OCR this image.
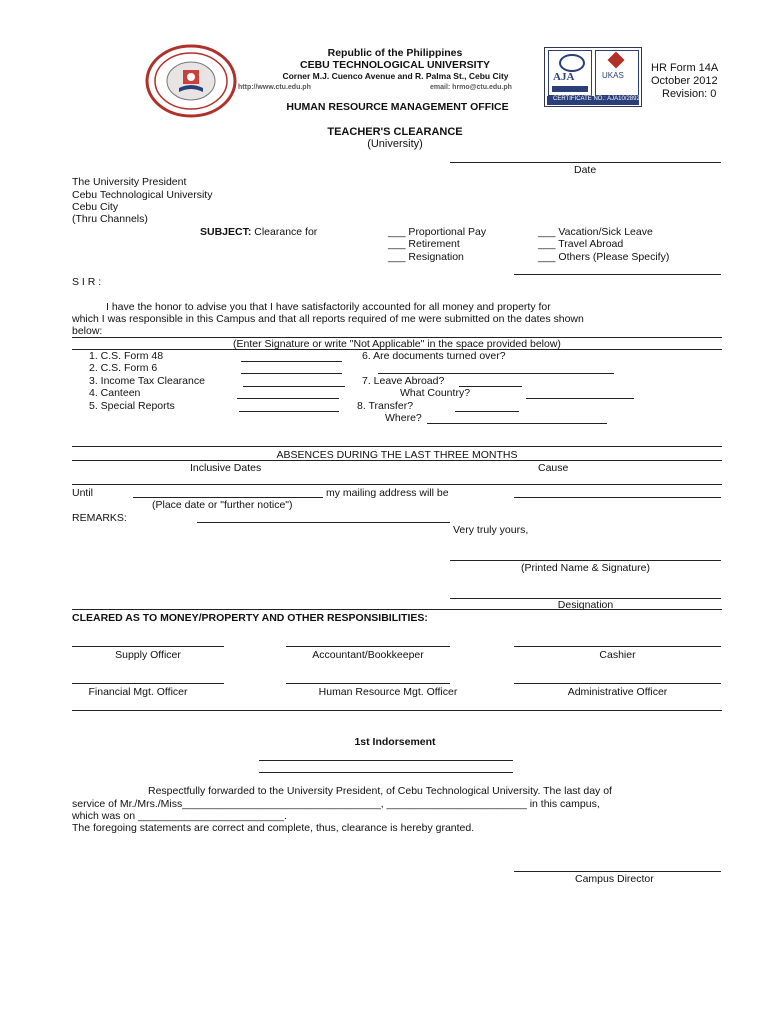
Republic of the Philippines
CEBU TECHNOLOGICAL UNIVERSITY
Corner M.J. Cuenco Avenue and R. Palma St., Cebu City
http://www.ctu.edu.ph	email: hrmo@ctu.edu.ph
HUMAN RESOURCE MANAGEMENT OFFICE
AJA	UKAS
CERTIFICATE NO.: AJA10/2892
HR Form 14A
October 2012
Revision: 0
TEACHER'S CLEARANCE
(University)
Date
The University President
Cebu Technological University
Cebu City
(Thru Channels)
SUBJECT: Clearance for	___ Proportional Pay
___ Retirement
___ Resignation
___ Vacation/Sick Leave
___ Travel Abroad
___ Others (Please Specify)
S I R :
I have the honor to advise you that I have satisfactorily accounted for all money and property for
which I was responsible in this Campus and that all reports required of me were submitted on the dates shown
below:
(Enter Signature or write "Not Applicable" in the space provided below)
1. C.S. Form 48
2. C.S. Form 6
3. Income Tax Clearance
4. Canteen
5. Special Reports
6. Are documents turned over?
7. Leave Abroad?
What Country?
8. Transfer?
Where?
ABSENCES DURING THE LAST THREE MONTHS
Inclusive Dates	Cause
Until	my mailing address will be
(Place date or "further notice")
REMARKS:
Very truly yours,
(Printed Name & Signature)
Designation
CLEARED AS TO MONEY/PROPERTY AND OTHER RESPONSIBILITIES:
Supply Officer	Accountant/Bookkeeper	Cashier
Financial Mgt. Officer	Human Resource Mgt. Officer	Administrative Officer
1st Indorsement
Respectfully forwarded to the University President, of Cebu Technological University. The last day of
service of Mr./Mrs./Miss__________________________________, ________________________ in this campus,
which was on _________________________.
The foregoing statements are correct and complete, thus, clearance is hereby granted.
Campus Director
